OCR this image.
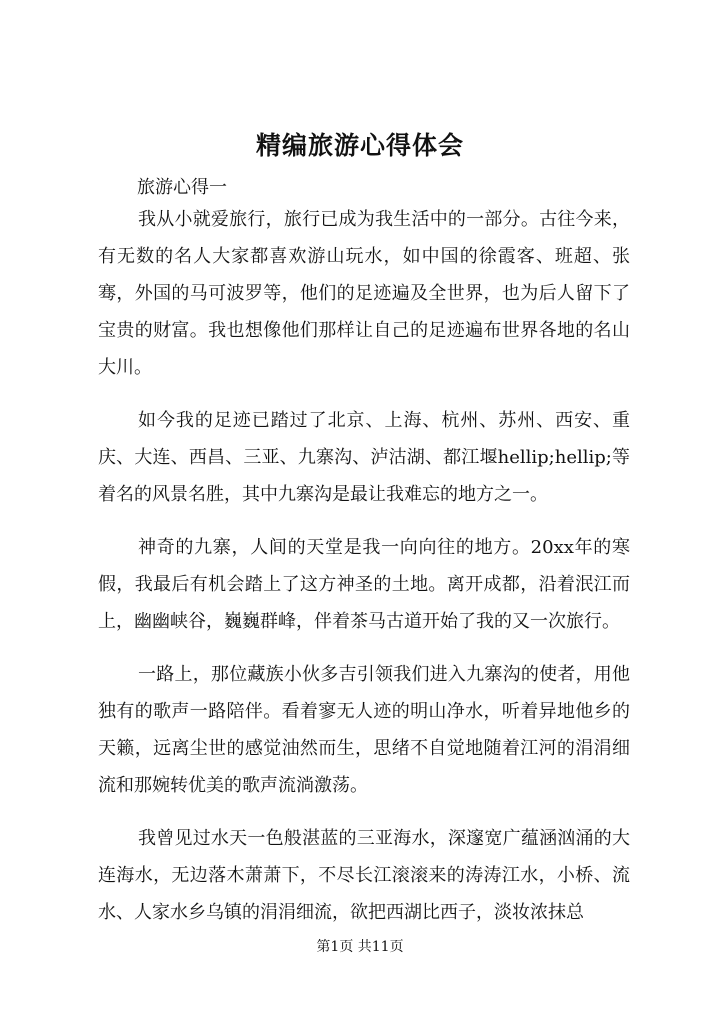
精编旅游心得体会
旅游心得一

我从小就爱旅行，旅行已成为我生活中的一部分。古往今来，有无数的名人大家都喜欢游山玩水，如中国的徐霞客、班超、张骞，外国的马可波罗等，他们的足迹遍及全世界，也为后人留下了宝贵的财富。我也想像他们那样让自己的足迹遍布世界各地的名山大川。

如今我的足迹已踏过了北京、上海、杭州、苏州、西安、重庆、大连、西昌、三亚、九寨沟、泸沽湖、都江堰hellip;hellip;等着名的风景名胜，其中九寨沟是最让我难忘的地方之一。

神奇的九寨，人间的天堂是我一向向往的地方。20xx年的寒假，我最后有机会踏上了这方神圣的土地。离开成都，沿着泯江而上，幽幽峡谷，巍巍群峰，伴着茶马古道开始了我的又一次旅行。

一路上，那位藏族小伙多吉引领我们进入九寨沟的使者，用他独有的歌声一路陪伴。看着寥无人迹的明山净水，听着异地他乡的天籁，远离尘世的感觉油然而生，思绪不自觉地随着江河的涓涓细流和那婉转优美的歌声流淌激荡。

我曾见过水天一色般湛蓝的三亚海水，深邃宽广蕴涵汹涌的大连海水，无边落木萧萧下，不尽长江滚滚来的涛涛江水，小桥、流水、人家水乡乌镇的涓涓细流，欲把西湖比西子，淡妆浓抹总

第1页 共11页
